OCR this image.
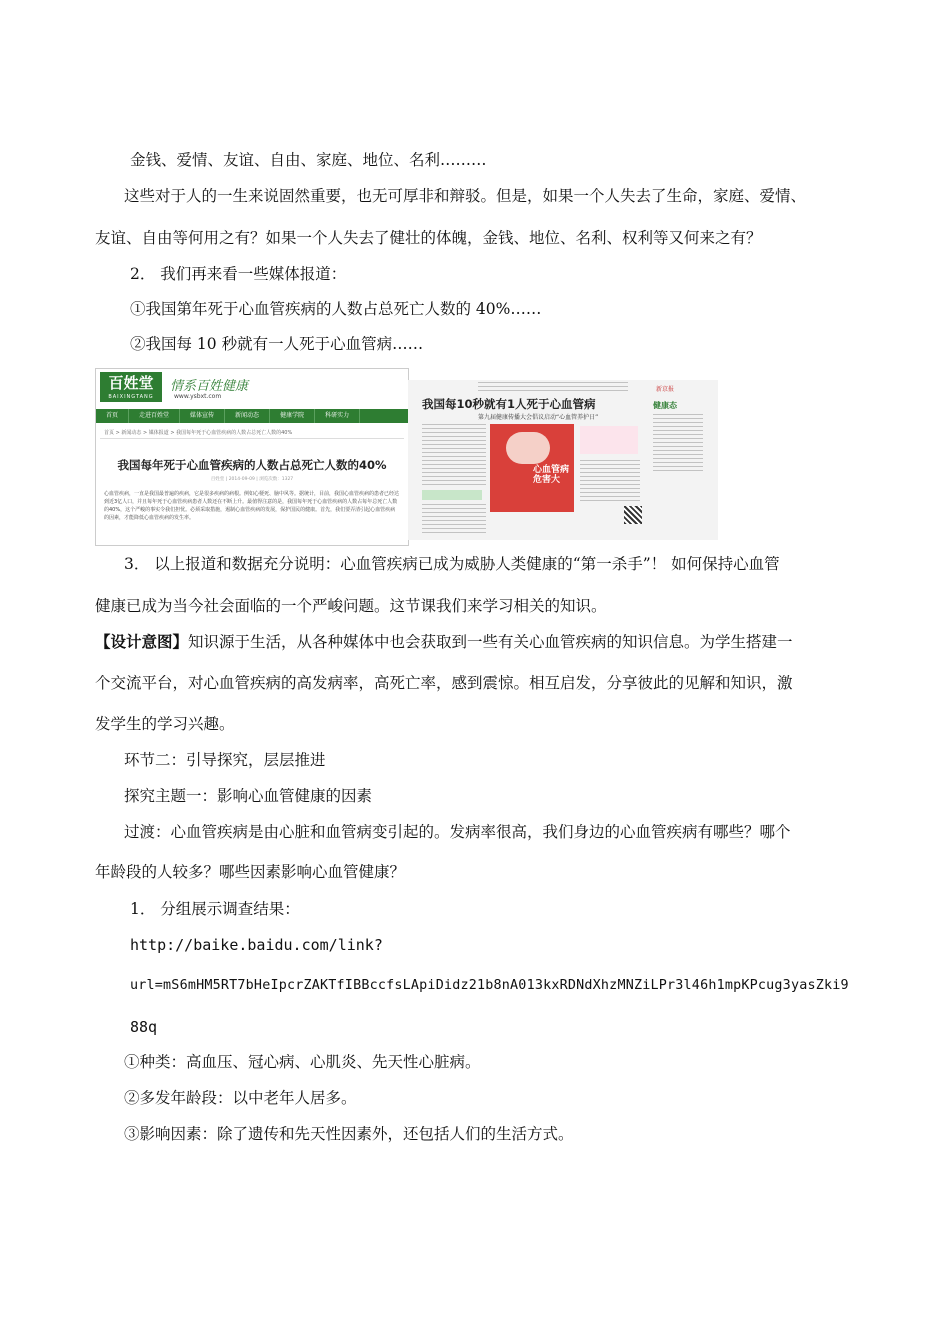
金钱、爱情、友谊、自由、家庭、地位、名利………
这些对于人的一生来说固然重要，也无可厚非和辩驳。但是，如果一个人失去了生命，家庭、爱情、
友谊、自由等何用之有？如果一个人失去了健壮的体魄，金钱、地位、名利、权利等又何来之有？
2． 我们再来看一些媒体报道：
①我国第年死于心血管疾病的人数占总死亡人数的 40%……
②我国每 10 秒就有一人死于心血管病……
百姓堂
BAIXINGTANG
情系百姓健康
www.ysbxt.com
首页	走进百姓堂	媒体宣传	新闻动态	健康学院	科研实力
首页 > 新闻动态 > 媒体报道 > 我国每年死于心血管疾病的人数占总死亡人数的40%
我国每年死于心血管疾病的人数占总死亡人数的40%
百姓堂 | 2014-09-09 | 浏览次数：1327
心血管疾病，一直是我国最普遍的疾病，它是很多疾病的病根。例如心梗死、脑中风等。据统计，目前，我国心血管疾病的患者已经达到近3亿人口，并且每年死于心血管疾病患者人数还在不断上升。最值得注意的是，我国每年死于心血管疾病的人数占每年总死亡人数的40%，这个严峻的事实令我们担忧。必须采取措施，遏制心血管疾病的发展，保护国民的健康。首先，我们要弄清引起心血管疾病的因素，才能降低心血管疾病的发生率。
新京报
我国每10秒就有1人死于心血管病
第九届健康传播大会倡议启动“心血管养护日”
心血管病 危害大
健康态
3． 以上报道和数据充分说明：心血管疾病已成为威胁人类健康的“第一杀手”！ 如何保持心血管
健康已成为当今社会面临的一个严峻问题。这节课我们来学习相关的知识。
【设计意图】知识源于生活，从各种媒体中也会获取到一些有关心血管疾病的知识信息。为学生搭建一
个交流平台，对心血管疾病的高发病率，高死亡率，感到震惊。相互启发，分享彼此的见解和知识，激
发学生的学习兴趣。
环节二：引导探究，层层推进
探究主题一：影响心血管健康的因素
过渡：心血管疾病是由心脏和血管病变引起的。发病率很高，我们身边的心血管疾病有哪些？哪个
年龄段的人较多？哪些因素影响心血管健康？
1． 分组展示调查结果：
http://baike.baidu.com/link?
url=mS6mHM5RT7bHeIpcrZAKTfIBBccfsLApiDidz21b8nA013kxRDNdXhzMNZiLPr3l46h1mpKPcug3yasZki9
88q
①种类：高血压、冠心病、心肌炎、先天性心脏病。
②多发年龄段：以中老年人居多。
③影响因素：除了遗传和先天性因素外，还包括人们的生活方式。
